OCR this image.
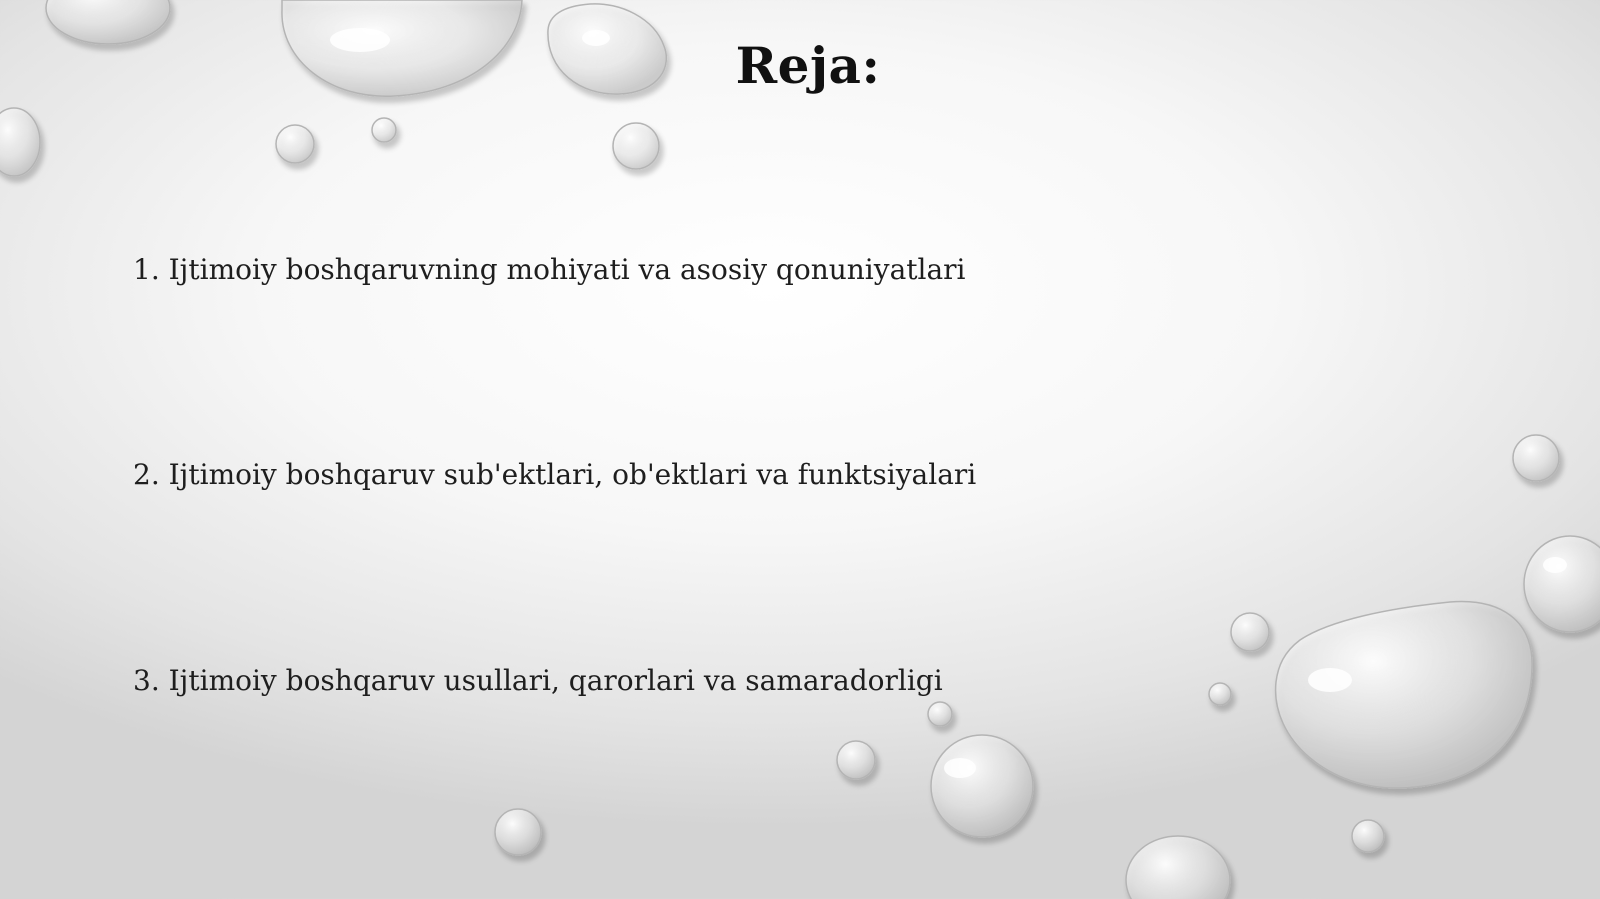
Reja:
1. Ijtimoiy boshqaruvning mohiyati va asosiy qonuniyatlari
2. Ijtimoiy boshqaruv sub'ektlari, ob'ektlari va funktsiyalari
3. Ijtimoiy boshqaruv usullari, qarorlari va samaradorligi
